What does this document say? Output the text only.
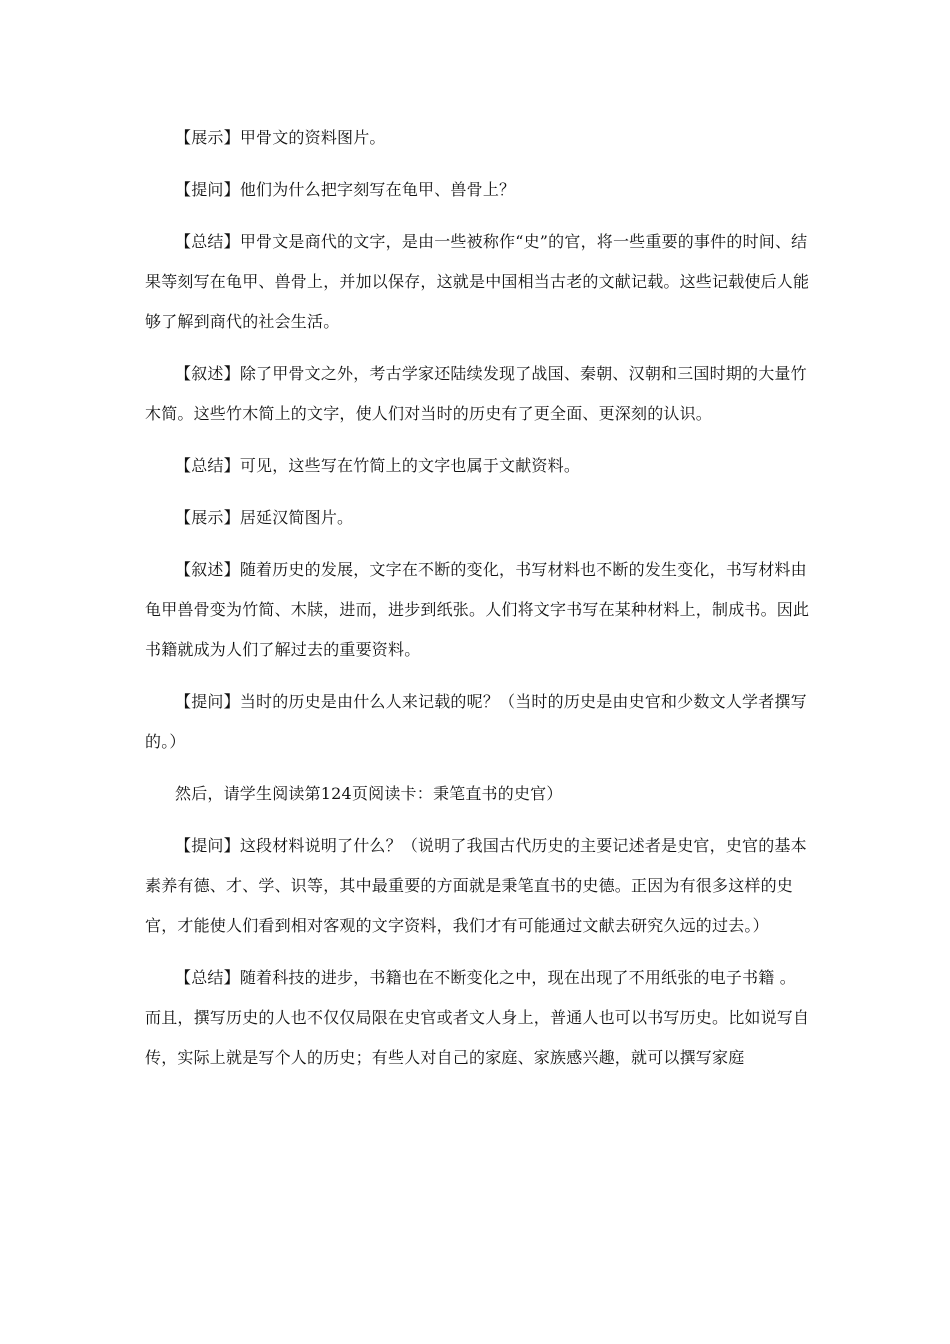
【展示】甲骨文的资料图片。

【提问】他们为什么把字刻写在龟甲、兽骨上？

【总结】甲骨文是商代的文字，是由一些被称作“史”的官，将一些重要的事件的时间、结果等刻写在龟甲、兽骨上，并加以保存，这就是中国相当古老的文献记载。这些记载使后人能够了解到商代的社会生活。

【叙述】除了甲骨文之外，考古学家还陆续发现了战国、秦朝、汉朝和三国时期的大量竹木简。这些竹木简上的文字，使人们对当时的历史有了更全面、更深刻的认识。

【总结】可见，这些写在竹简上的文字也属于文献资料。

【展示】居延汉简图片。

【叙述】随着历史的发展，文字在不断的变化，书写材料也不断的发生变化，书写材料由龟甲兽骨变为竹简、木牍，进而，进步到纸张。人们将文字书写在某种材料上，制成书。因此书籍就成为人们了解过去的重要资料。

【提问】当时的历史是由什么人来记载的呢？（当时的历史是由史官和少数文人学者撰写的。）

然后，请学生阅读第124页阅读卡：秉笔直书的史官）

【提问】这段材料说明了什么？（说明了我国古代历史的主要记述者是史官，史官的基本素养有德、才、学、识等，其中最重要的方面就是秉笔直书的史德。正因为有很多这样的史官，才能使人们看到相对客观的文字资料，我们才有可能通过文献去研究久远的过去。）

【总结】随着科技的进步，书籍也在不断变化之中，现在出现了不用纸张的电子书籍 。而且，撰写历史的人也不仅仅局限在史官或者文人身上，普通人也可以书写历史。比如说写自传，实际上就是写个人的历史；有些人对自己的家庭、家族感兴趣，就可以撰写家庭
